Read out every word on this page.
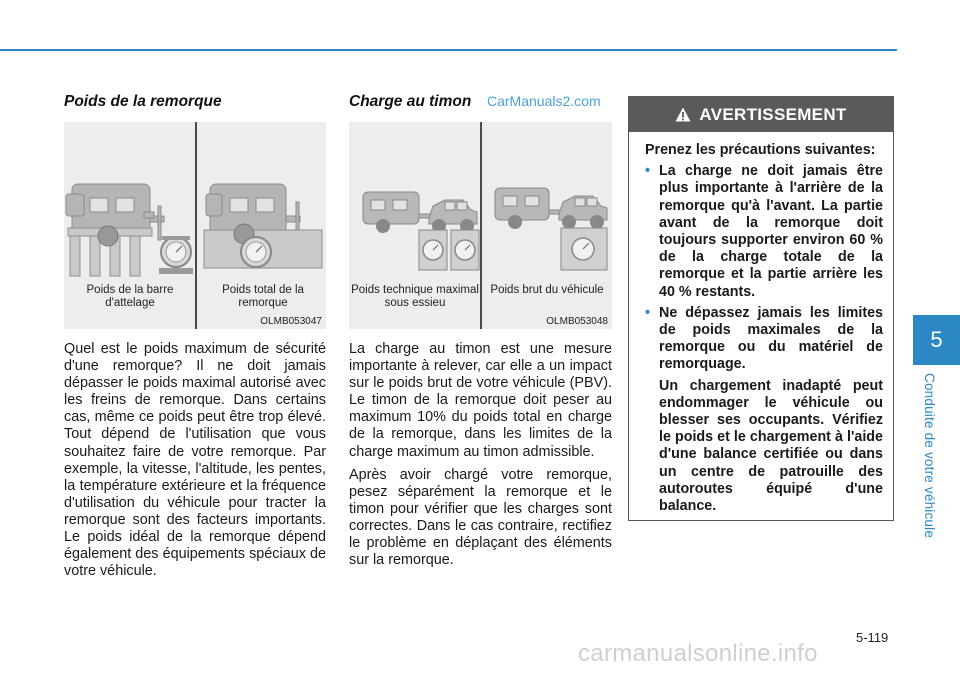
Poids de la remorque
Poids de la barre d'attelage
Poids total de la remorque
OLMB053047

Quel est le poids maximum de sécurité d'une remorque? Il ne doit jamais dépasser le poids maximal autorisé avec les freins de remorque. Dans certains cas, même ce poids peut être trop élevé. Tout dépend de l'utilisation que vous souhaitez faire de votre remorque. Par exemple, la vitesse, l'altitude, les pentes, la température extérieure et la fréquence d'utilisation du véhicule pour tracter la remorque sont des facteurs importants. Le poids idéal de la remorque dépend également des équipements spéciaux de votre véhicule.

Charge au timon
Poids technique maximal sous essieu
Poids brut du véhicule
OLMB053048

La charge au timon est une mesure importante à relever, car elle a un impact sur le poids brut de votre véhicule (PBV). Le timon de la remorque doit peser au maximum 10% du poids total en charge de la remorque, dans les limites de la charge maximum au timon admissible.

Après avoir chargé votre remorque, pesez séparément la remorque et le timon pour vérifier que les charges sont correctes. Dans le cas contraire, rectifiez le problème en déplaçant des éléments sur la remorque.

CarManuals2.com
AVERTISSEMENT
Prenez les précautions suivantes:
• La charge ne doit jamais être plus importante à l'arrière de la remorque qu'à l'avant. La partie avant de la remorque doit toujours supporter environ 60 % de la charge totale de la remorque et la partie arrière les 40 % restants.
• Ne dépassez jamais les limites de poids maximales de la remorque ou du matériel de remorquage.
Un chargement inadapté peut endommager le véhicule ou blesser ses occupants. Vérifiez le poids et le chargement à l'aide d'une balance certifiée ou dans un centre de patrouille des autoroutes équipé d'une balance.
5
Conduite de votre véhicule
5-119
carmanualsonline.info
